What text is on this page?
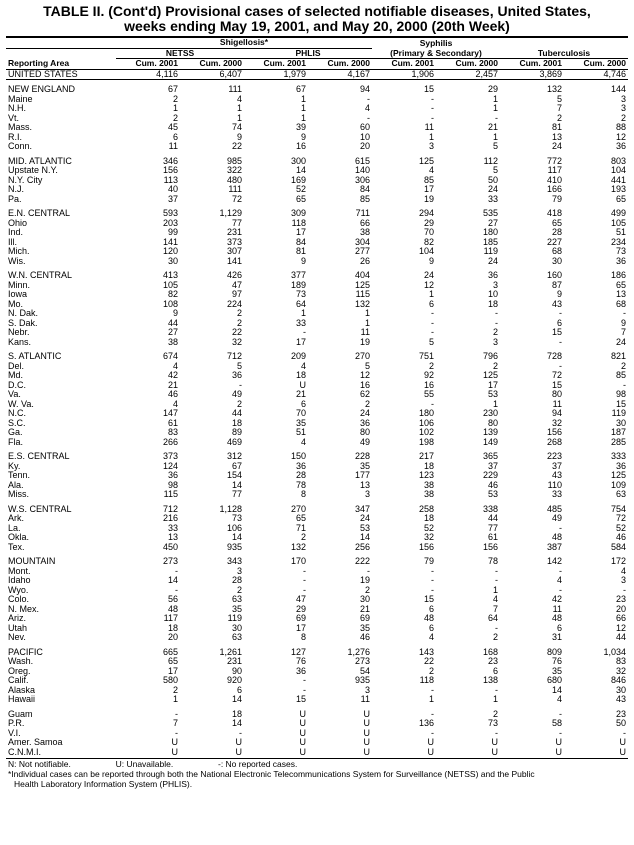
TABLE II. (Cont'd) Provisional cases of selected notifiable diseases, United States,
weeks ending May 19, 2001, and May 20, 2000 (20th Week)
	Shigellosis*				Syphilis
(Primary & Secondary)		Tuberculosis	
	NETSS		PHLIS					
Reporting Area	Cum. 2001	Cum. 2000	Cum. 2001	Cum. 2000	Cum. 2001	Cum. 2000	Cum. 2001	Cum. 2000
UNITED STATES	4,116	6,407	1,979	4,167	1,906	2,457	3,869	4,746

NEW ENGLAND	67	111	67	94	15	29	132	144
Maine	2	4	1	-	-	1	5	3
N.H.	1	1	1	4	-	1	7	3
Vt.	2	1	1	-	-	-	2	2
Mass.	45	74	39	60	11	21	81	88
R.I.	6	9	9	10	1	1	13	12
Conn.	11	22	16	20	3	5	24	36

MID. ATLANTIC	346	985	300	615	125	112	772	803
Upstate N.Y.	156	322	14	140	4	5	117	104
N.Y. City	113	480	169	306	85	50	410	441
N.J.	40	111	52	84	17	24	166	193
Pa.	37	72	65	85	19	33	79	65

E.N. CENTRAL	593	1,129	309	711	294	535	418	499
Ohio	203	77	118	66	29	27	65	105
Ind.	99	231	17	38	70	180	28	51
Ill.	141	373	84	304	82	185	227	234
Mich.	120	307	81	277	104	119	68	73
Wis.	30	141	9	26	9	24	30	36

W.N. CENTRAL	413	426	377	404	24	36	160	186
Minn.	105	47	189	125	12	3	87	65
Iowa	82	97	73	115	1	10	9	13
Mo.	108	224	64	132	6	18	43	68
N. Dak.	9	2	1	1	-	-	-	-
S. Dak.	44	2	33	1	-	-	6	9
Nebr.	27	22	-	11	-	2	15	7
Kans.	38	32	17	19	5	3	-	24

S. ATLANTIC	674	712	209	270	751	796	728	821
Del.	4	5	4	5	2	2	-	2
Md.	42	36	18	12	92	125	72	85
D.C.	21	-	U	16	16	17	15	-
Va.	46	49	21	62	55	53	80	98
W. Va.	4	2	6	2	-	1	11	15
N.C.	147	44	70	24	180	230	94	119
S.C.	61	18	35	36	106	80	32	30
Ga.	83	89	51	80	102	139	156	187
Fla.	266	469	4	49	198	149	268	285

E.S. CENTRAL	373	312	150	228	217	365	223	333
Ky.	124	67	36	35	18	37	37	36
Tenn.	36	154	28	177	123	229	43	125
Ala.	98	14	78	13	38	46	110	109
Miss.	115	77	8	3	38	53	33	63

W.S. CENTRAL	712	1,128	270	347	258	338	485	754
Ark.	216	73	65	24	18	44	49	72
La.	33	106	71	53	52	77	-	52
Okla.	13	14	2	14	32	61	48	46
Tex.	450	935	132	256	156	156	387	584

MOUNTAIN	273	343	170	222	79	78	142	172
Mont.	-	3	-	-	-	-	-	4
Idaho	14	28	-	19	-	-	4	3
Wyo.	-	2	-	2	-	1	-	-
Colo.	56	63	47	30	15	4	42	23
N. Mex.	48	35	29	21	6	7	11	20
Ariz.	117	119	69	69	48	64	48	66
Utah	18	30	17	35	6	-	6	12
Nev.	20	63	8	46	4	2	31	44

PACIFIC	665	1,261	127	1,276	143	168	809	1,034
Wash.	65	231	76	273	22	23	76	83
Oreg.	17	90	36	54	2	6	35	32
Calif.	580	920	-	935	118	138	680	846
Alaska	2	6	-	3	-	-	14	30
Hawaii	1	14	15	11	1	1	4	43

Guam	-	18	U	U	-	2	-	23
P.R.	7	14	U	U	136	73	58	50
V.I.	-	-	U	U	-	-	-	-
Amer. Samoa	U	U	U	U	U	U	U	U
C.N.M.I.	U	U	U	U	U	U	U	U
N: Not notifiable.	U: Unavailable.	-: No reported cases.
*Individual cases can be reported through both the National Electronic Telecommunications System for Surveillance (NETSS) and the Public
Health Laboratory Information System (PHLIS).
